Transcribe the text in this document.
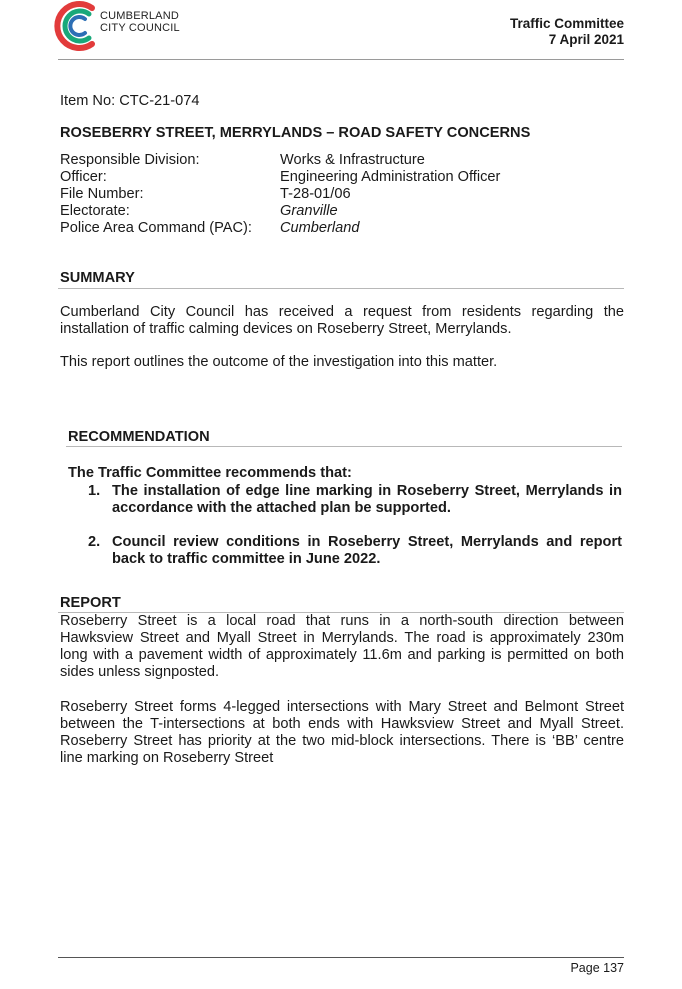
CUMBERLAND
CITY COUNCIL	Traffic Committee
7 April 2021
Item No: CTC-21-074
ROSEBERRY STREET, MERRYLANDS – ROAD SAFETY CONCERNS
Responsible Division:	Works & Infrastructure
Officer:	Engineering Administration Officer
File Number:	T-28-01/06
Electorate:	Granville
Police Area Command (PAC):	Cumberland
SUMMARY
Cumberland City Council has received a request from residents regarding the installation of traffic calming devices on Roseberry Street, Merrylands.
This report outlines the outcome of the investigation into this matter.
RECOMMENDATION
The Traffic Committee recommends that:
1. The installation of edge line marking in Roseberry Street, Merrylands in accordance with the attached plan be supported.
2. Council review conditions in Roseberry Street, Merrylands and report back to traffic committee in June 2022.
REPORT
Roseberry Street is a local road that runs in a north-south direction between Hawksview Street and Myall Street in Merrylands. The road is approximately 230m long with a pavement width of approximately 11.6m and parking is permitted on both sides unless signposted.
Roseberry Street forms 4-legged intersections with Mary Street and Belmont Street between the T-intersections at both ends with Hawksview Street and Myall Street. Roseberry Street has priority at the two mid-block intersections. There is ‘BB’ centre line marking on Roseberry Street
Page 137
